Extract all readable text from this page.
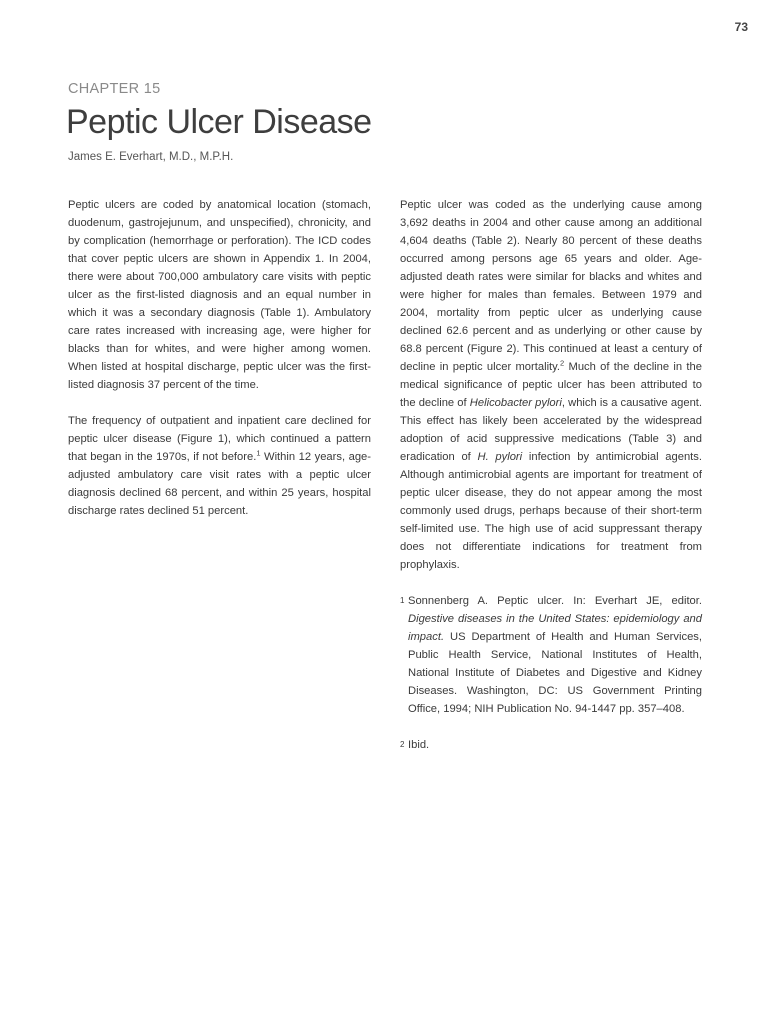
73
CHAPTER 15
Peptic Ulcer Disease
James E. Everhart, M.D., M.P.H.

Peptic ulcers are coded by anatomical location (stomach, duodenum, gastrojejunum, and unspecified), chronicity, and by complication (hemorrhage or perforation). The ICD codes that cover peptic ulcers are shown in Appendix 1. In 2004, there were about 700,000 ambulatory care visits with peptic ulcer as the first-listed diagnosis and an equal number in which it was a secondary diagnosis (Table 1). Ambulatory care rates increased with increasing age, were higher for blacks than for whites, and were higher among women. When listed at hospital discharge, peptic ulcer was the first-listed diagnosis 37 percent of the time.

The frequency of outpatient and inpatient care declined for peptic ulcer disease (Figure 1), which continued a pattern that began in the 1970s, if not before.$^1$ Within 12 years, age-adjusted ambulatory care visit rates with a peptic ulcer diagnosis declined 68 percent, and within 25 years, hospital discharge rates declined 51 percent.

Peptic ulcer was coded as the underlying cause among 3,692 deaths in 2004 and other cause among an additional 4,604 deaths (Table 2). Nearly 80 percent of these deaths occurred among persons age 65 years and older. Age-adjusted death rates were similar for blacks and whites and were higher for males than females. Between 1979 and 2004, mortality from peptic ulcer as underlying cause declined 62.6 percent and as underlying or other cause by 68.8 percent (Figure 2). This continued at least a century of decline in peptic ulcer mortality.$^2$ Much of the decline in the medical significance of peptic ulcer has been attributed to the decline of Helicobacter pylori, which is a causative agent. This effect has likely been accelerated by the widespread adoption of acid suppressive medications (Table 3) and eradication of H. pylori infection by antimicrobial agents. Although antimicrobial agents are important for treatment of peptic ulcer disease, they do not appear among the most commonly used drugs, perhaps because of their short-term self-limited use. The high use of acid suppressant therapy does not differentiate indications for treatment from prophylaxis.

1 Sonnenberg A. Peptic ulcer. In: Everhart JE, editor. Digestive diseases in the United States: epidemiology and impact. US Department of Health and Human Services, Public Health Service, National Institutes of Health, National Institute of Diabetes and Digestive and Kidney Diseases. Washington, DC: US Government Printing Office, 1994; NIH Publication No. 94-1447 pp. 357–408.
2 Ibid.
